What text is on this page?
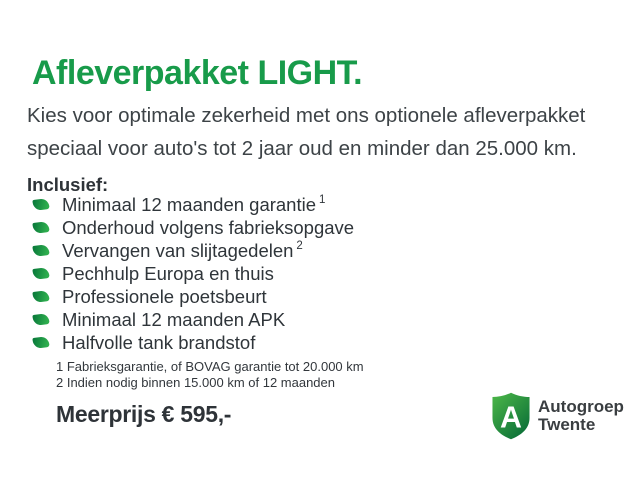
Afleverpakket LIGHT.
Kies voor optimale zekerheid met ons optionele afleverpakket
speciaal voor auto's tot 2 jaar oud en minder dan 25.000 km.
Inclusief:
Minimaal 12 maanden garantie $^1$
Onderhoud volgens fabrieksopgave
Vervangen van slijtagedelen $^2$
Pechhulp Europa en thuis
Professionele poetsbeurt
Minimaal 12 maanden APK
Halfvolle tank brandstof
1 Fabrieksgarantie, of BOVAG garantie tot 20.000 km
2 Indien nodig binnen 15.000 km of 12 maanden
Meerprijs € 595,-	A Autogroep
Twente
